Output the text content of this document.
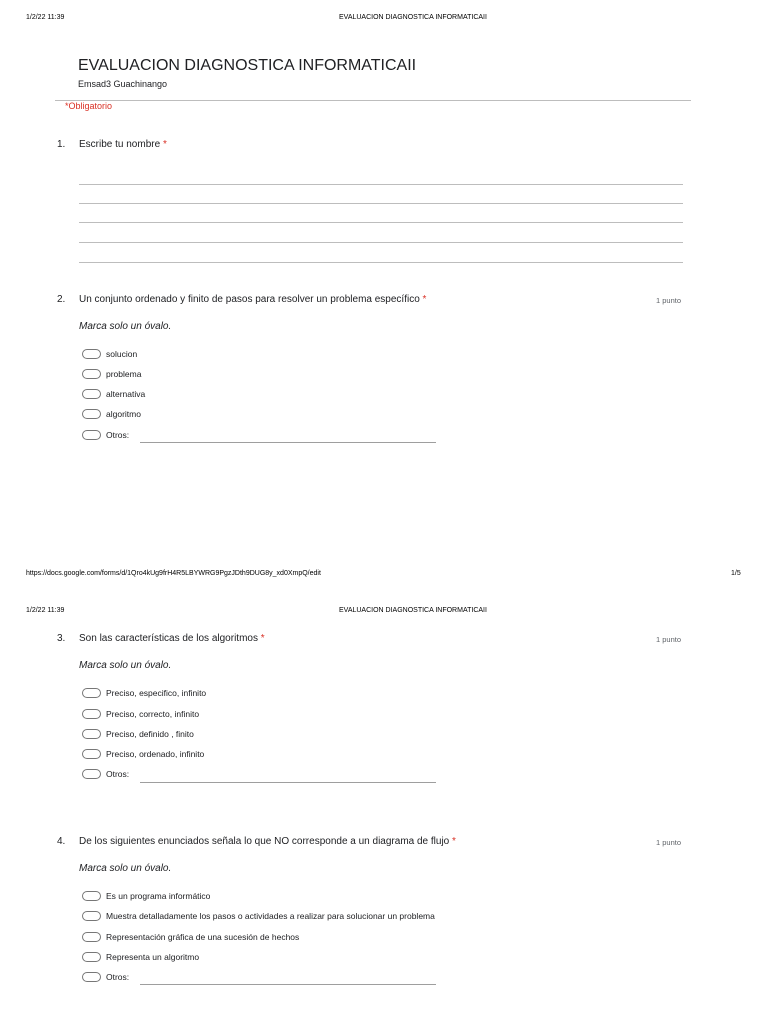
1/2/22 11:39	EVALUACION DIAGNOSTICA INFORMATICAII
EVALUACION DIAGNOSTICA INFORMATICAII
Emsad3 Guachinango
*Obligatorio
1. Escribe tu nombre *
2. Un conjunto ordenado y finito de pasos para resolver un problema específico *	1 punto
Marca solo un óvalo.
solucion
problema
alternativa
algoritmo
Otros:
https://docs.google.com/forms/d/1Qro4kUg9frH4R5LBYWRG9PgzJDth9DUG8y_xd0XmpQ/edit	1/5
1/2/22 11:39	EVALUACION DIAGNOSTICA INFORMATICAII
3. Son las características de los algoritmos *	1 punto
Marca solo un óvalo.
Preciso, especifico, infinito
Preciso, correcto, infinito
Preciso, definido , finito
Preciso, ordenado, infinito
Otros:
4. De los siguientes enunciados señala lo que NO corresponde a un diagrama de flujo *	1 punto
Marca solo un óvalo.
Es un programa informático
Muestra detalladamente los pasos o actividades a realizar para solucionar un problema
Representación gráfica de una sucesión de hechos
Representa un algoritmo
Otros:
